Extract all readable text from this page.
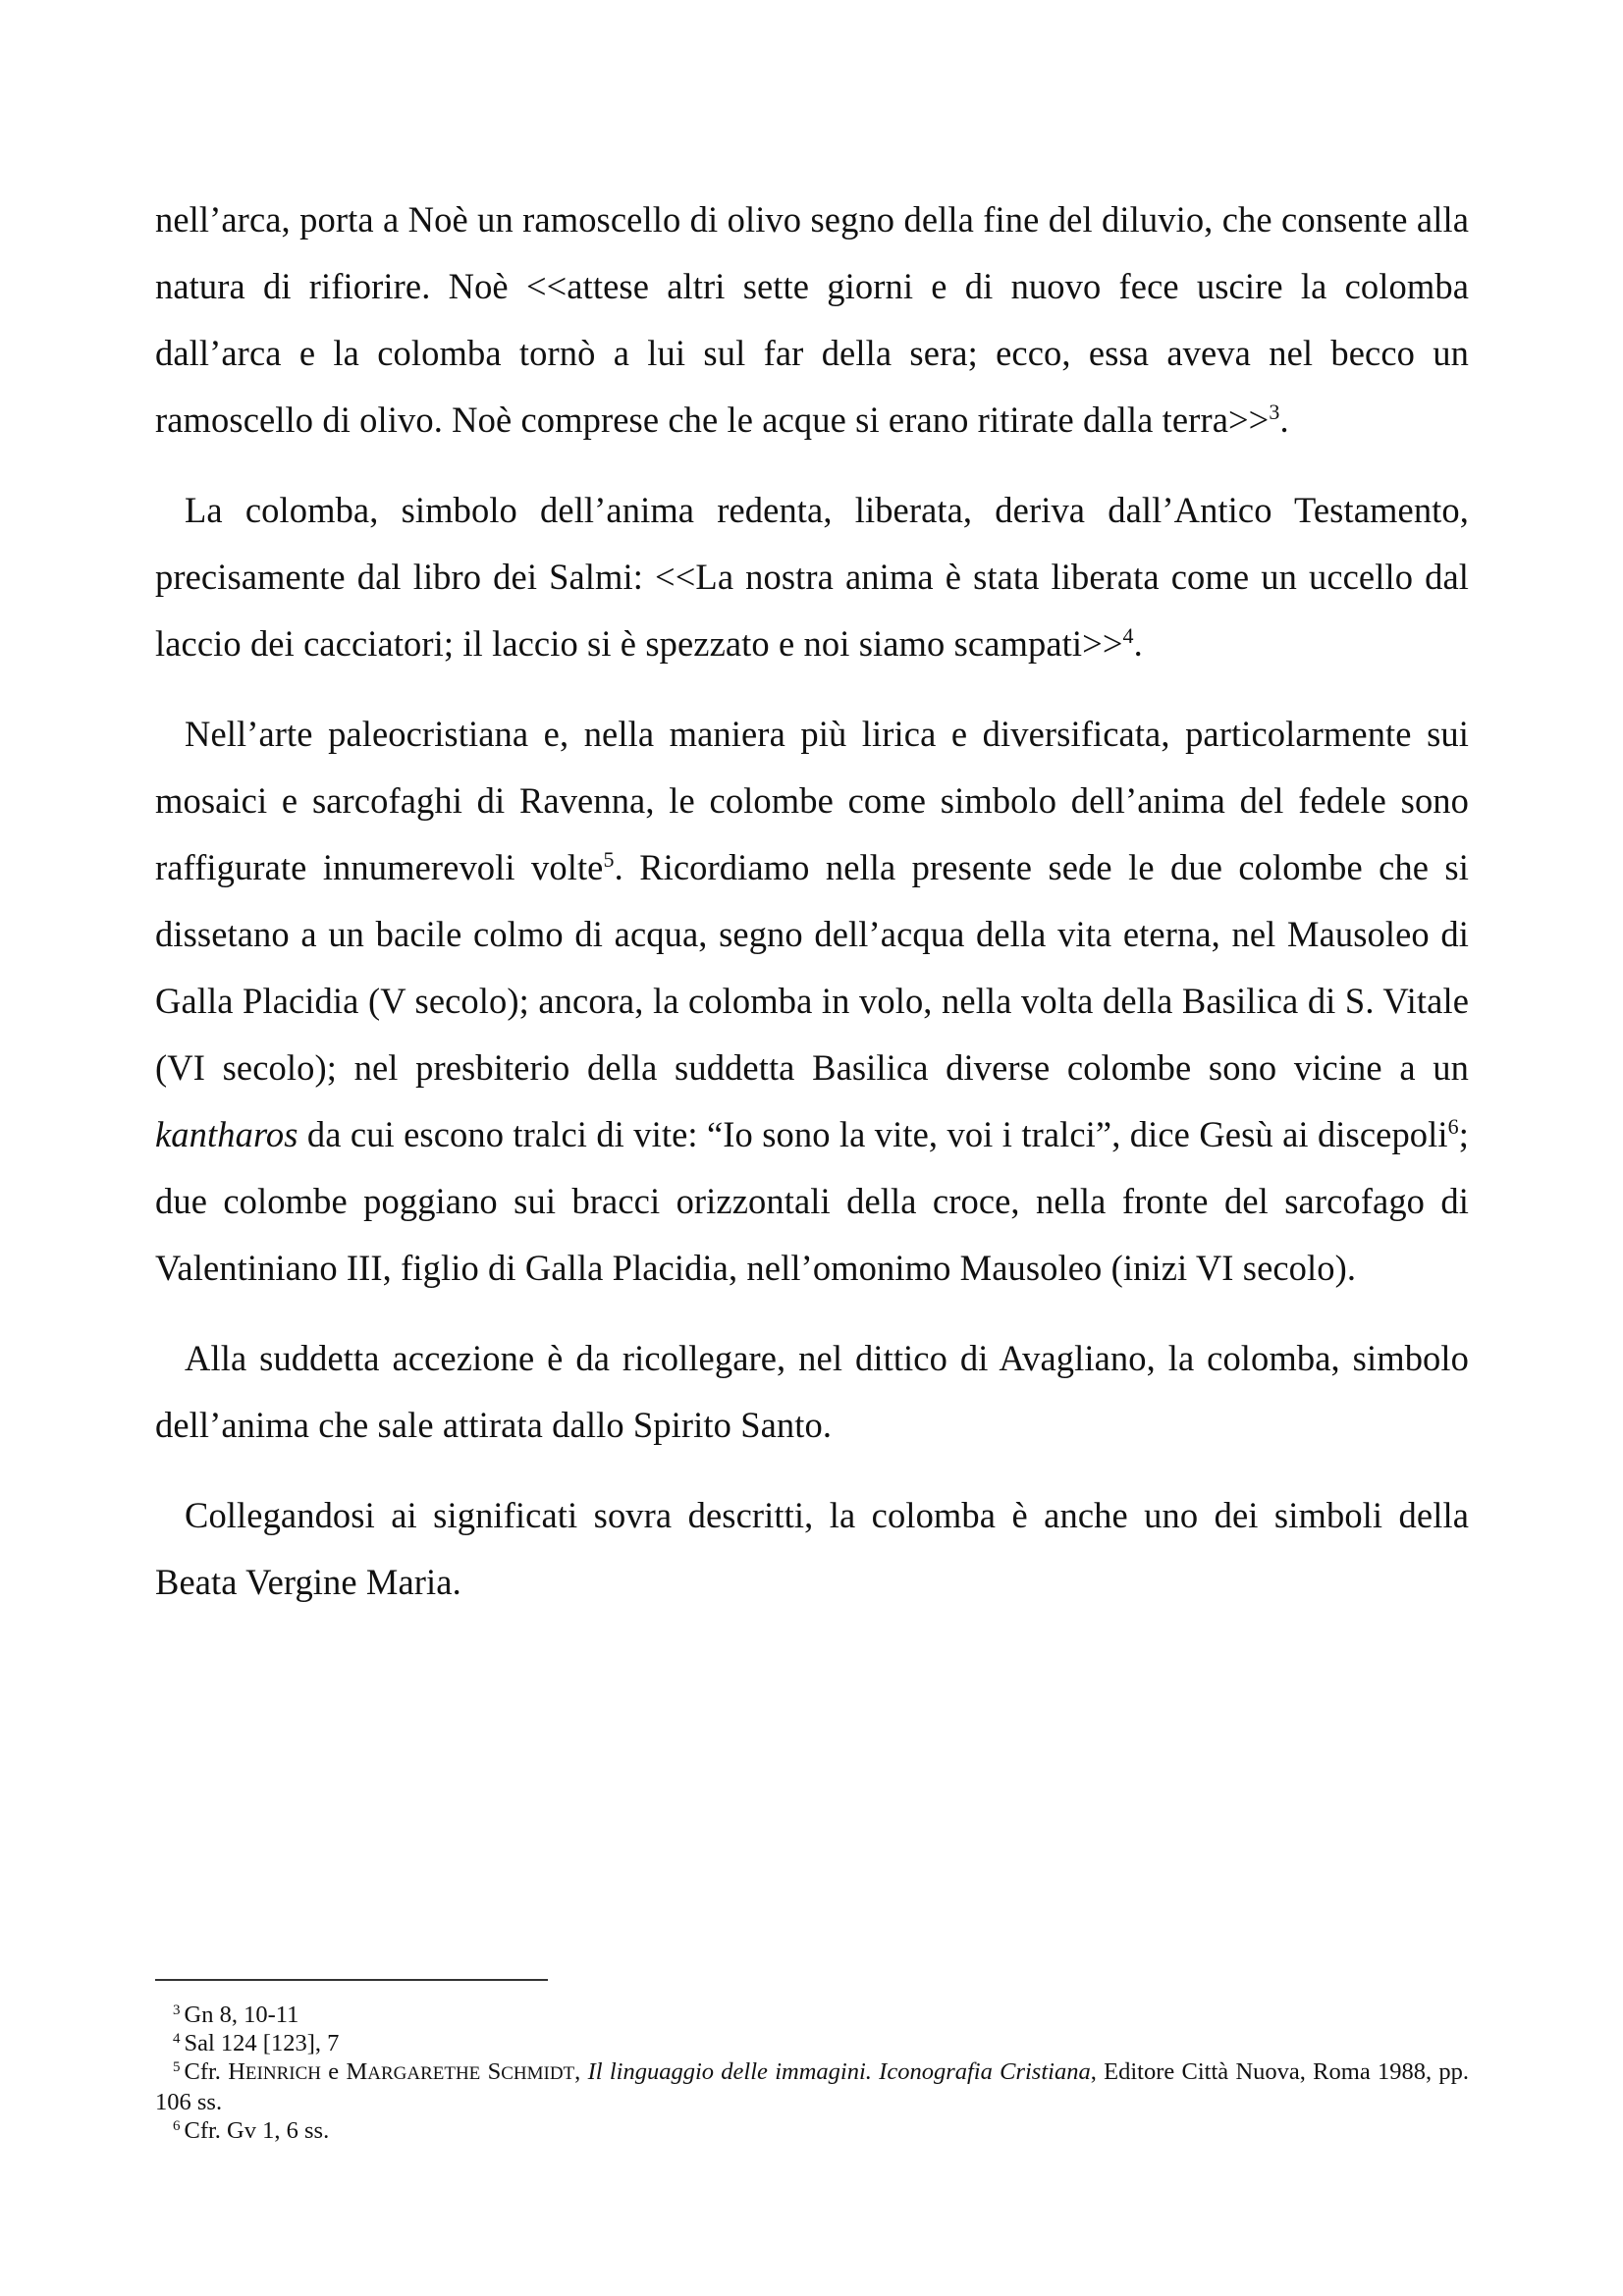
nell’arca, porta a Noè un ramoscello di olivo segno della fine del diluvio, che consente alla natura di rifiorire. Noè <<attese altri sette giorni e di nuovo fece uscire la colomba dall’arca e la colomba tornò a lui sul far della sera; ecco, essa aveva nel becco un ramoscello di olivo. Noè comprese che le acque si erano ritirate dalla terra>>$^3$.

La colomba, simbolo dell’anima redenta, liberata, deriva dall’Antico Testamento, precisamente dal libro dei Salmi: <<La nostra anima è stata liberata come un uccello dal laccio dei cacciatori; il laccio si è spezzato e noi siamo scampati>>$^4$.

Nell’arte paleocristiana e, nella maniera più lirica e diversificata, particolarmente sui mosaici e sarcofaghi di Ravenna, le colombe come simbolo dell’anima del fedele sono raffigurate innumerevoli volte$^5$. Ricordiamo nella presente sede le due colombe che si dissetano a un bacile colmo di acqua, segno dell’acqua della vita eterna, nel Mausoleo di Galla Placidia (V secolo); ancora, la colomba in volo, nella volta della Basilica di S. Vitale (VI secolo); nel presbiterio della suddetta Basilica diverse colombe sono vicine a un kantharos da cui escono tralci di vite: “Io sono la vite, voi i tralci”, dice Gesù ai discepoli$^6$; due colombe poggiano sui bracci orizzontali della croce, nella fronte del sarcofago di Valentiniano III, figlio di Galla Placidia, nell’omonimo Mausoleo (inizi VI secolo).

Alla suddetta accezione è da ricollegare, nel dittico di Avagliano, la colomba, simbolo dell’anima che sale attirata dallo Spirito Santo.

Collegandosi ai significati sovra descritti, la colomba è anche uno dei simboli della Beata Vergine Maria.

3 Gn 8, 10-11

4 Sal 124 [123], 7

5 Cfr. HEINRICH e MARGARETHE SCHMIDT, Il linguaggio delle immagini. Iconografia Cristiana, Editore Città Nuova, Roma 1988, pp. 106 ss.

6 Cfr. Gv 1, 6 ss.
